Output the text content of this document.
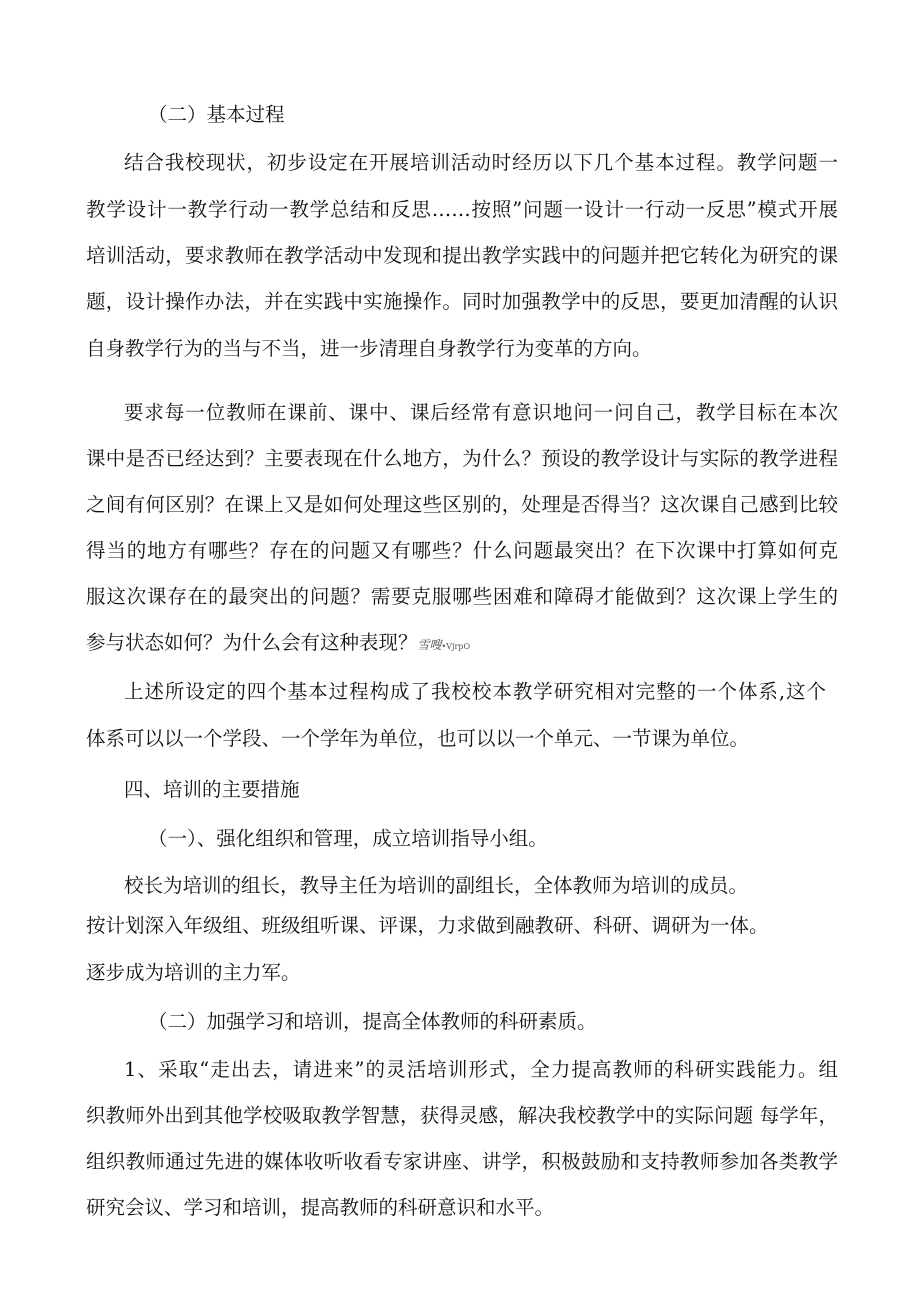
（二）基本过程
结合我校现状，初步设定在开展培训活动时经历以下几个基本过程。教学问题一
教学设计一教学行动一教学总结和反思……按照”问题一设计一行动一反思”模式开展
培训活动，要求教师在教学活动中发现和提出教学实践中的问题并把它转化为研究的课
题，设计操作办法，并在实践中实施操作。同时加强教学中的反思，要更加清醒的认识
自身教学行为的当与不当，进一步清理自身教学行为变革的方向。
要求每一位教师在课前、课中、课后经常有意识地问一问自己，教学目标在本次
课中是否已经达到？主要表现在什么地方，为什么？预设的教学设计与实际的教学进程
之间有何区别？在课上又是如何处理这些区别的，处理是否得当？这次课自己感到比较
得当的地方有哪些？存在的问题又有哪些？什么问题最突出？在下次课中打算如何克
服这次课存在的最突出的问题？需要克服哪些困难和障碍才能做到？这次课上学生的
参与状态如何？为什么会有这种表现？雪嗖•VjrpO
上述所设定的四个基本过程构成了我校校本教学研究相对完整的一个体系,这个
体系可以以一个学段、一个学年为单位，也可以以一个单元、一节课为单位。
四、培训的主要措施
（一）、强化组织和管理，成立培训指导小组。
校长为培训的组长，教导主任为培训的副组长，全体教师为培训的成员。
按计划深入年级组、班级组听课、评课，力求做到融教研、科研、调研为一体。
逐步成为培训的主力军。
（二）加强学习和培训，提高全体教师的科研素质。
1、采取“走出去，请进来”的灵活培训形式，全力提高教师的科研实践能力。组
织教师外出到其他学校吸取教学智慧，获得灵感，解决我校教学中的实际问题 每学年，
组织教师通过先进的媒体收听收看专家讲座、讲学，积极鼓励和支持教师参加各类教学
研究会议、学习和培训，提高教师的科研意识和水平。
